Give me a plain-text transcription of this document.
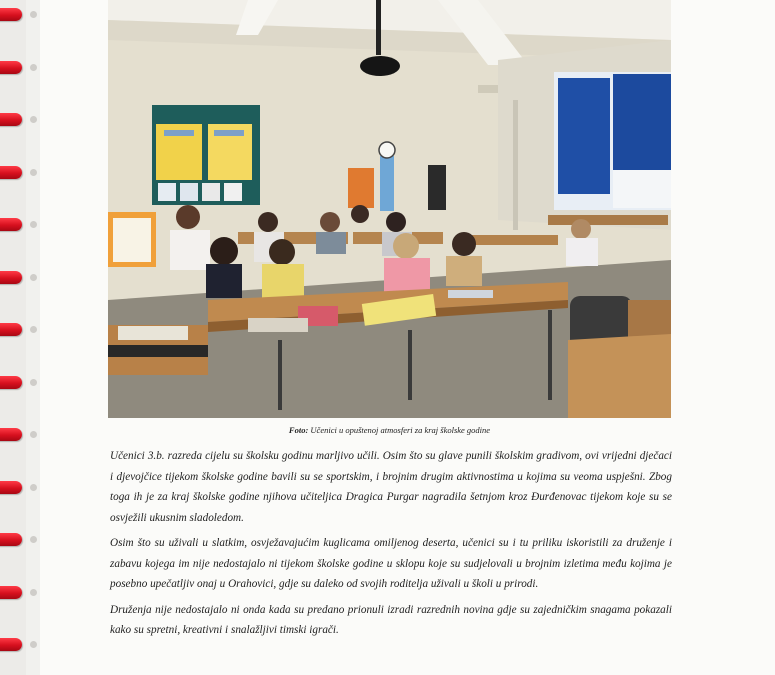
Foto: Učenici u opuštenoj atmosferi za kraj školske godine

Učenici 3.b. razreda cijelu su školsku godinu marljivo učili. Osim što su glave punili školskim gradivom, ovi vrijedni dječaci i djevojčice tijekom školske godine bavili su se sportskim, i brojnim drugim aktivnostima u kojima su veoma uspješni. Zbog toga ih je za kraj školske godine njihova učiteljica Dragica Purgar nagradila šetnjom kroz Đurđenovac tijekom koje su se osvježili ukusnim sladoledom.

Osim što su uživali u slatkim, osvježavajućim kuglicama omiljenog deserta, učenici su i tu priliku iskoristili za druženje i zabavu kojega im nije nedostajalo ni tijekom školske godine u sklopu koje su sudjelovali u brojnim izletima među kojima je posebno upečatljiv onaj u Orahovici, gdje su daleko od svojih roditelja uživali u školi u prirodi.

Druženja nije nedostajalo ni onda kada su predano prionuli izradi razrednih novina gdje su zajedničkim snagama pokazali kako su spretni, kreativni i snalažljivi timski igrači.
